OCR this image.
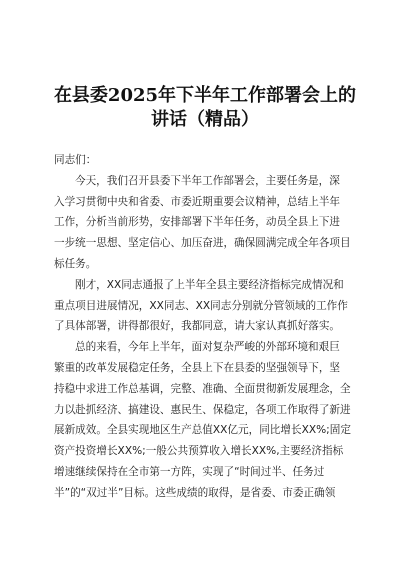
在县委2025年下半年工作部署会上的
讲话（精品）
同志们：
今天，我们召开县委下半年工作部署会，主要任务是，深
入学习贯彻中央和省委、市委近期重要会议精神，总结上半年
工作，分析当前形势，安排部署下半年任务，动员全县上下进
一步统一思想、坚定信心、加压奋进，确保圆满完成全年各项目
标任务。
刚才，XX同志通报了上半年全县主要经济指标完成情况和
重点项目进展情况，XX同志、XX同志分别就分管领域的工作作
了具体部署，讲得都很好，我都同意，请大家认真抓好落实。
总的来看，今年上半年，面对复杂严峻的外部环境和艰巨
繁重的改革发展稳定任务，全县上下在县委的坚强领导下，坚
持稳中求进工作总基调，完整、准确、全面贯彻新发展理念，全
力以赴抓经济、搞建设、惠民生、保稳定，各项工作取得了新进
展新成效。全县实现地区生产总值XX亿元，同比增长XX%;固定
资产投资增长XX%;一般公共预算收入增长XX%,主要经济指标
增速继续保持在全市第一方阵，实现了“时间过半、任务过
半”的“双过半”目标。这些成绩的取得，是省委、市委正确领
